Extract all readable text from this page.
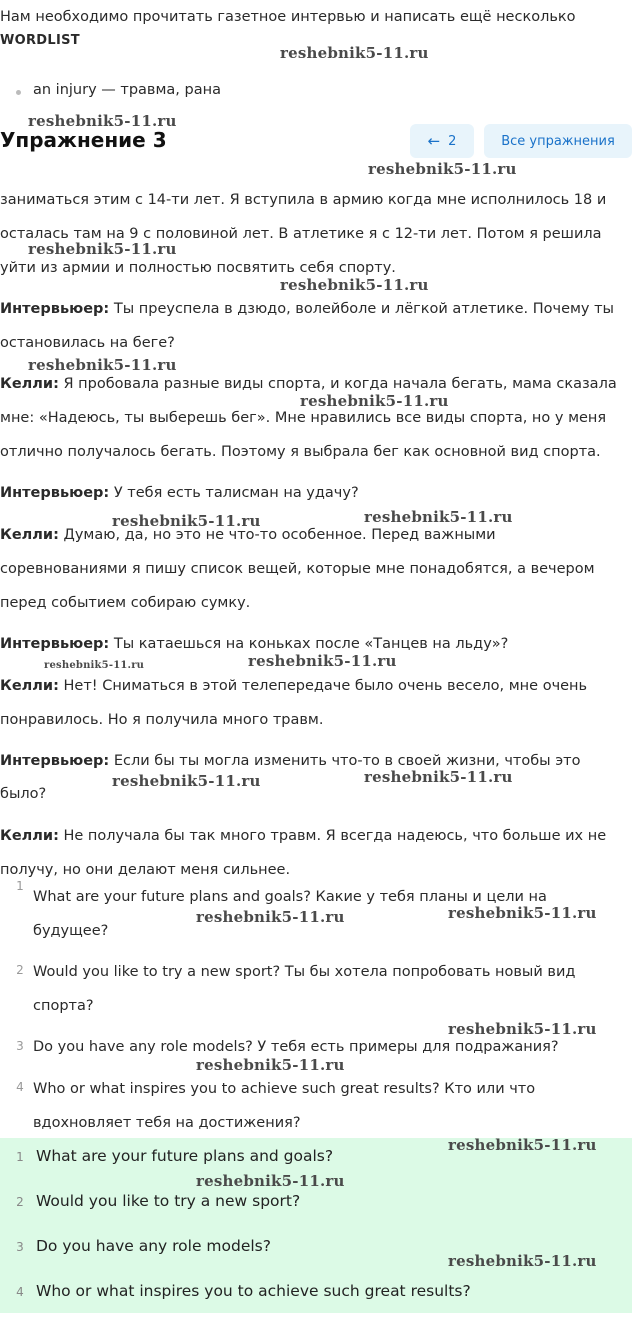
Нам необходимо прочитать газетное интервью и написать ещё несколько
WORDLIST
an injury — травма, рана
Упражнение 3	← 2	Все упражнения
заниматься этим с 14-ти лет. Я вступила в армию когда мне исполнилось 18 и
осталась там на 9 с половиной лет. В атлетике я с 12-ти лет. Потом я решила
уйти из армии и полностью посвятить себя спорту.
Интервьюер: Ты преуспела в дзюдо, волейболе и лёгкой атлетике. Почему ты
остановилась на беге?
Келли: Я пробовала разные виды спорта, и когда начала бегать, мама сказала
мне: «Надеюсь, ты выберешь бег». Мне нравились все виды спорта, но у меня
отлично получалось бегать. Поэтому я выбрала бег как основной вид спорта.
Интервьюер: У тебя есть талисман на удачу?
Келли: Думаю, да, но это не что-то особенное. Перед важными
соревнованиями я пишу список вещей, которые мне понадобятся, а вечером
перед событием собираю сумку.
Интервьюер: Ты катаешься на коньках после «Танцев на льду»?
Келли: Нет! Сниматься в этой телепередаче было очень весело, мне очень
понравилось. Но я получила много травм.
Интервьюер: Если бы ты могла изменить что-то в своей жизни, чтобы это
было?
Келли: Не получала бы так много травм. Я всегда надеюсь, что больше их не
получу, но они делают меня сильнее.
1
What are your future plans and goals? Какие у тебя планы и цели на
будущее?
2 Would you like to try a new sport? Ты бы хотела попробовать новый вид
спорта?
3 Do you have any role models? У тебя есть примеры для подражания?
4 Who or what inspires you to achieve such great results? Кто или что
вдохновляет тебя на достижения?
1 What are your future plans and goals?
2 Would you like to try a new sport?
3 Do you have any role models?
4 Who or what inspires you to achieve such great results?
reshebnik5-11.ru
reshebnik5-11.ru
reshebnik5-11.ru
reshebnik5-11.ru
reshebnik5-11.ru
reshebnik5-11.ru
reshebnik5-11.ru
reshebnik5-11.ru	reshebnik5-11.ru
reshebnik5-11.ru	reshebnik5-11.ru
reshebnik5-11.ru	reshebnik5-11.ru
reshebnik5-11.ru	reshebnik5-11.ru
reshebnik5-11.ru
reshebnik5-11.ru
reshebnik5-11.ru
reshebnik5-11.ru
reshebnik5-11.ru
